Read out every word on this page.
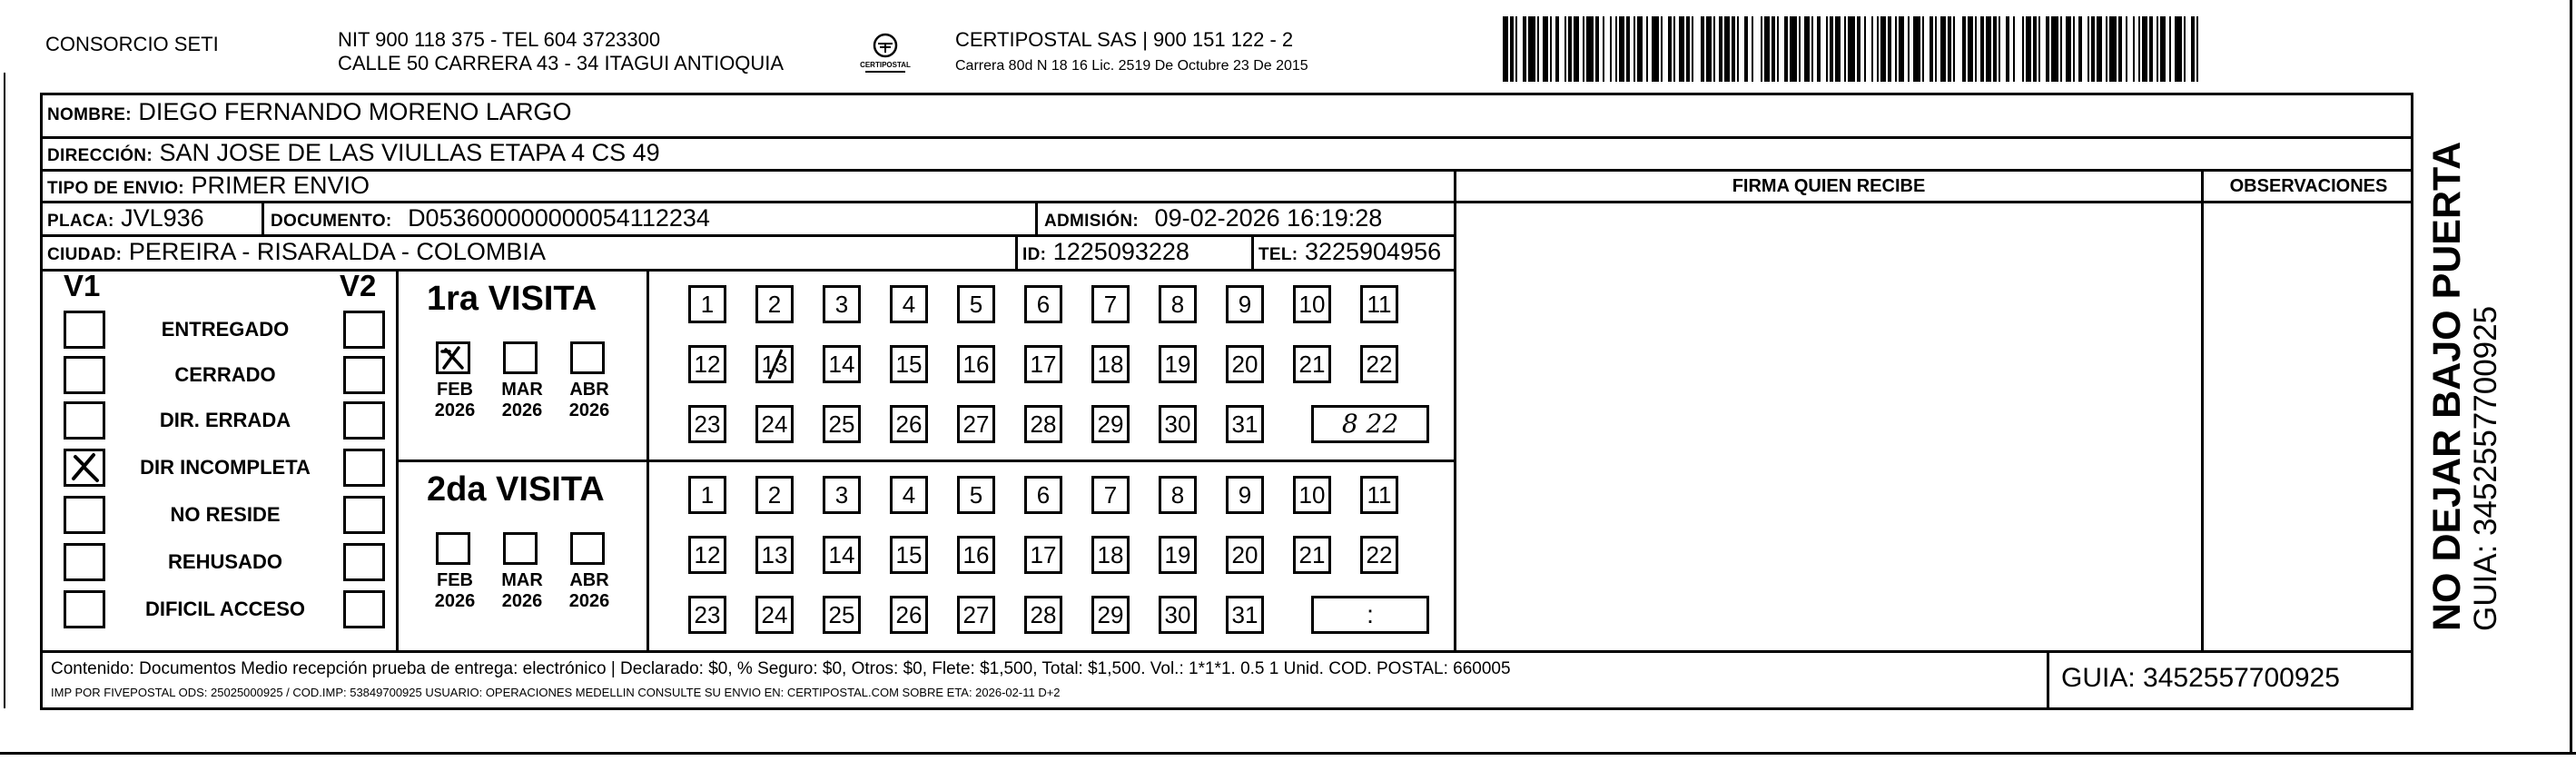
CONSORCIO SETI	NIT 900 118 375 - TEL 604 3723300
CALLE 50 CARRERA 43 - 34 ITAGUI ANTIOQUIA	CERTIPOSTAL
CERTIPOSTAL SAS | 900 151 122 - 2
Carrera 80d N 18 16 Lic. 2519 De Octubre 23 De 2015
NOMBRE: DIEGO FERNANDO MORENO LARGO
DIRECCIÓN: SAN JOSE DE LAS VIULLAS ETAPA 4 CS 49
TIPO DE ENVIO: PRIMER ENVIO	FIRMA QUIEN RECIBE	OBSERVACIONES
PLACA: JVL936	DOCUMENTO: D053600000000054112234	ADMISIÓN: 09-02-2026 16:19:28
CIUDAD: PEREIRA - RISARALDA - COLOMBIA	ID: 1225093228	TEL: 3225904956
V1	V2
ENTREGADO
CERRADO
DIR. ERRADA
DIR INCOMPLETA
NO RESIDE
REHUSADO
DIFICIL ACCESO
1ra VISITA
FEB
2026
MAR
2026
ABR
2026
1	2	3	4	5	6	7	8	9	10 11
12 13 14 15 16 17 18 19 20 21 22
23 24 25 26 27 28 29 30 31	8 22
2da VISITA
FEB
2026
MAR
2026
ABR
2026
1	2	3	4	5	6	7	8	9	10 11
12 13 14 15 16 17 18 19 20 21 22
23 24 25 26 27 28 29 30 31	:
Contenido: Documentos Medio recepción prueba de entrega: electrónico | Declarado: $0, % Seguro: $0, Otros: $0, Flete: $1,500, Total: $1,500. Vol.: 1*1*1. 0.5 1 Unid. COD. POSTAL: 660005
IMP POR FIVEPOSTAL ODS: 25025000925 / COD.IMP: 53849700925 USUARIO: OPERACIONES MEDELLIN CONSULTE SU ENVIO EN: CERTIPOSTAL.COM SOBRE ETA: 2026-02-11 D+2	GUIA: 3452557700925
NO DEJAR BAJO PUERTA GUIA: 3452557700925
